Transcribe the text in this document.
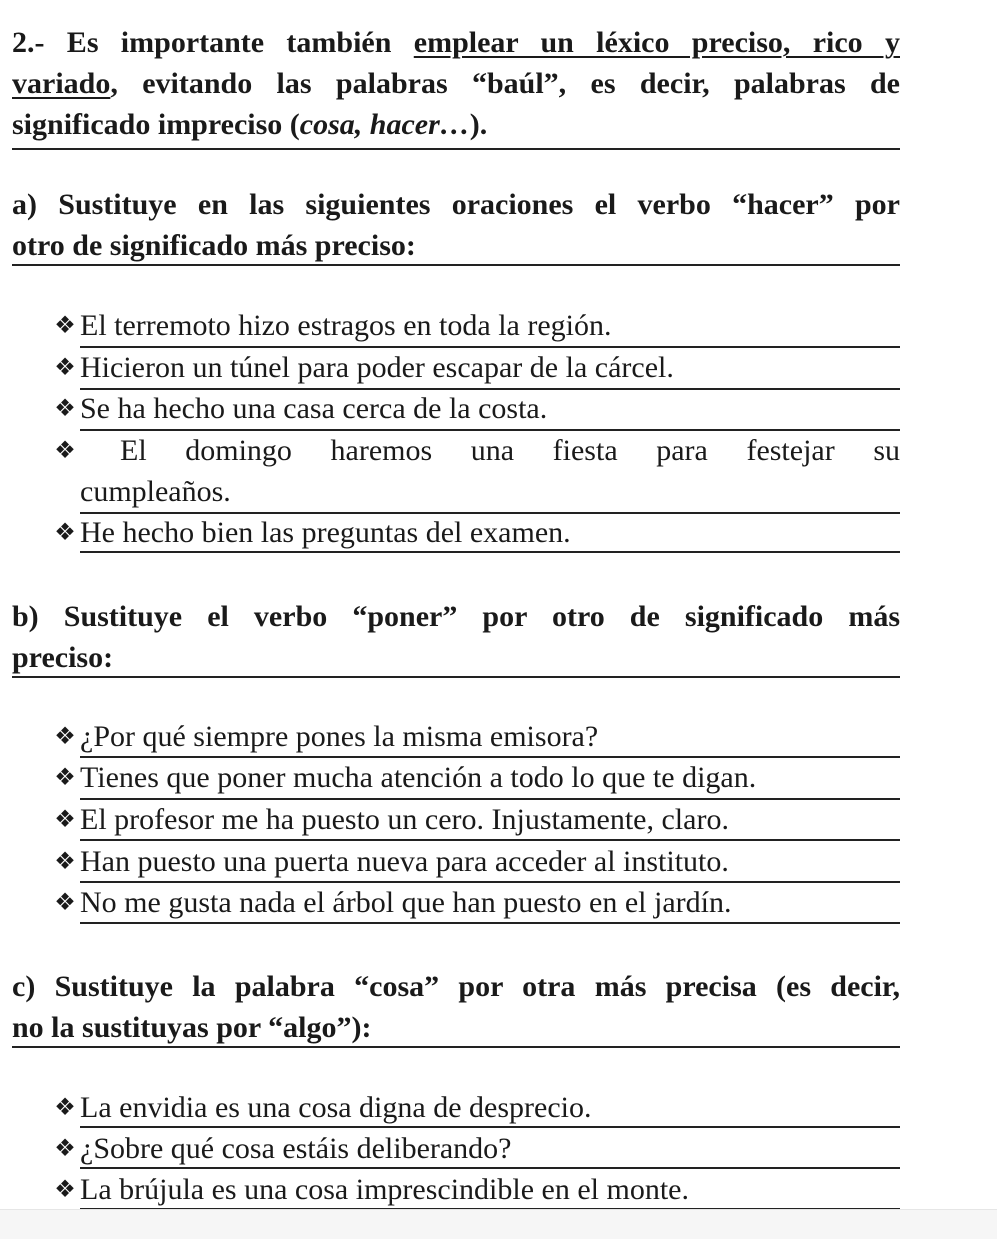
2.- Es importante también emplear un léxico preciso, rico y
variado, evitando las palabras “baúl”, es decir, palabras de
significado impreciso (cosa, hacer…).
a) Sustituye en las siguientes oraciones el verbo “hacer” por
otro de significado más preciso:
❖ El terremoto hizo estragos en toda la región.
❖ Hicieron un túnel para poder escapar de la cárcel.
❖ Se ha hecho una casa cerca de la costa.
❖ El domingo haremos una fiesta para festejar su
cumpleaños.
❖ He hecho bien las preguntas del examen.
b) Sustituye el verbo “poner” por otro de significado más
preciso:
❖ ¿Por qué siempre pones la misma emisora?
❖ Tienes que poner mucha atención a todo lo que te digan.
❖ El profesor me ha puesto un cero. Injustamente, claro.
❖ Han puesto una puerta nueva para acceder al instituto.
❖ No me gusta nada el árbol que han puesto en el jardín.
c) Sustituye la palabra “cosa” por otra más precisa (es decir,
no la sustituyas por “algo”):
❖ La envidia es una cosa digna de desprecio.
❖ ¿Sobre qué cosa estáis deliberando?
❖ La brújula es una cosa imprescindible en el monte.
